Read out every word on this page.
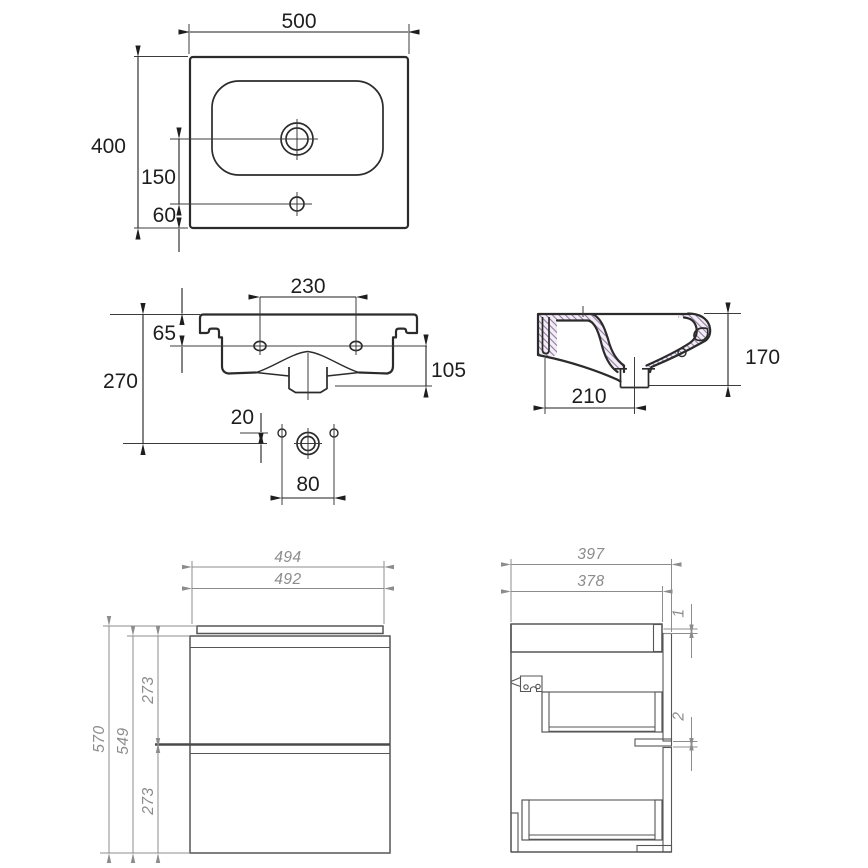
500
400
150
60
230
65
270	105
20
80
170
210
494
492
570 549
273
273
397
378
1
2
